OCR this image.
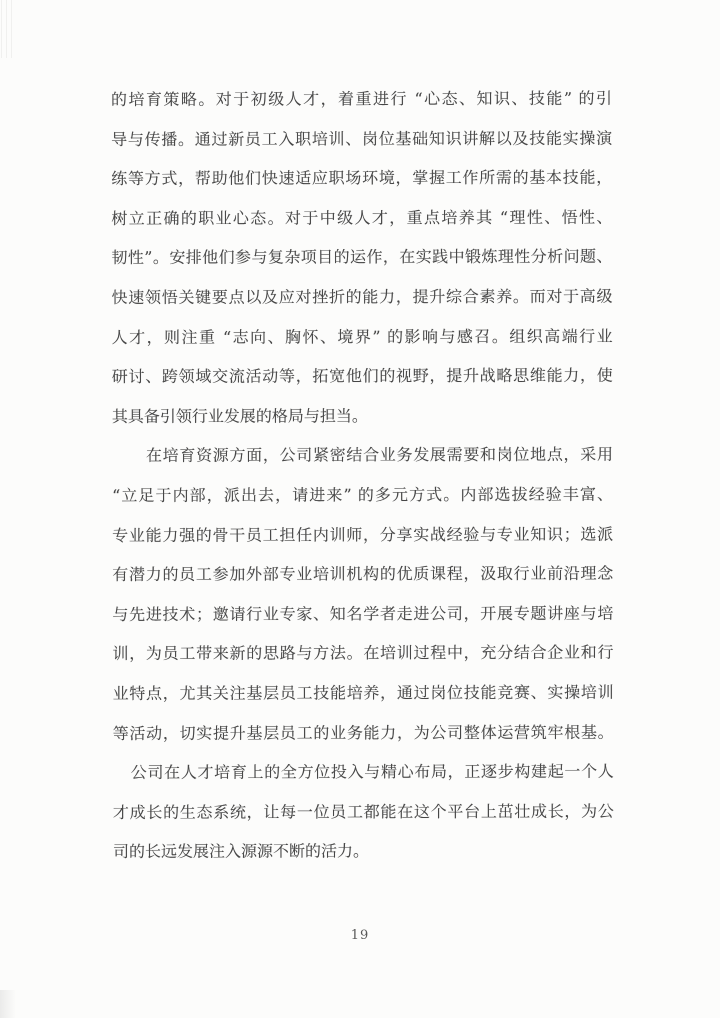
的培育策略。对于初级人才，着重进行 “心态、知识、技能” 的引
导与传播。通过新员工入职培训、岗位基础知识讲解以及技能实操演
练等方式，帮助他们快速适应职场环境，掌握工作所需的基本技能，
树立正确的职业心态。对于中级人才，重点培养其 “理性、悟性、
韧性”。安排他们参与复杂项目的运作，在实践中锻炼理性分析问题、
快速领悟关键要点以及应对挫折的能力，提升综合素养。而对于高级
人才，则注重 “志向、胸怀、境界” 的影响与感召。组织高端行业
研讨、跨领域交流活动等，拓宽他们的视野，提升战略思维能力，使
其具备引领行业发展的格局与担当。
在培育资源方面，公司紧密结合业务发展需要和岗位地点，采用
“立足于内部，派出去，请进来” 的多元方式。内部选拔经验丰富、
专业能力强的骨干员工担任内训师，分享实战经验与专业知识；选派
有潜力的员工参加外部专业培训机构的优质课程，汲取行业前沿理念
与先进技术；邀请行业专家、知名学者走进公司，开展专题讲座与培
训，为员工带来新的思路与方法。在培训过程中，充分结合企业和行
业特点，尤其关注基层员工技能培养，通过岗位技能竞赛、实操培训
等活动，切实提升基层员工的业务能力，为公司整体运营筑牢根基。
公司在人才培育上的全方位投入与精心布局，正逐步构建起一个人
才成长的生态系统，让每一位员工都能在这个平台上茁壮成长，为公
司的长远发展注入源源不断的活力。
19
